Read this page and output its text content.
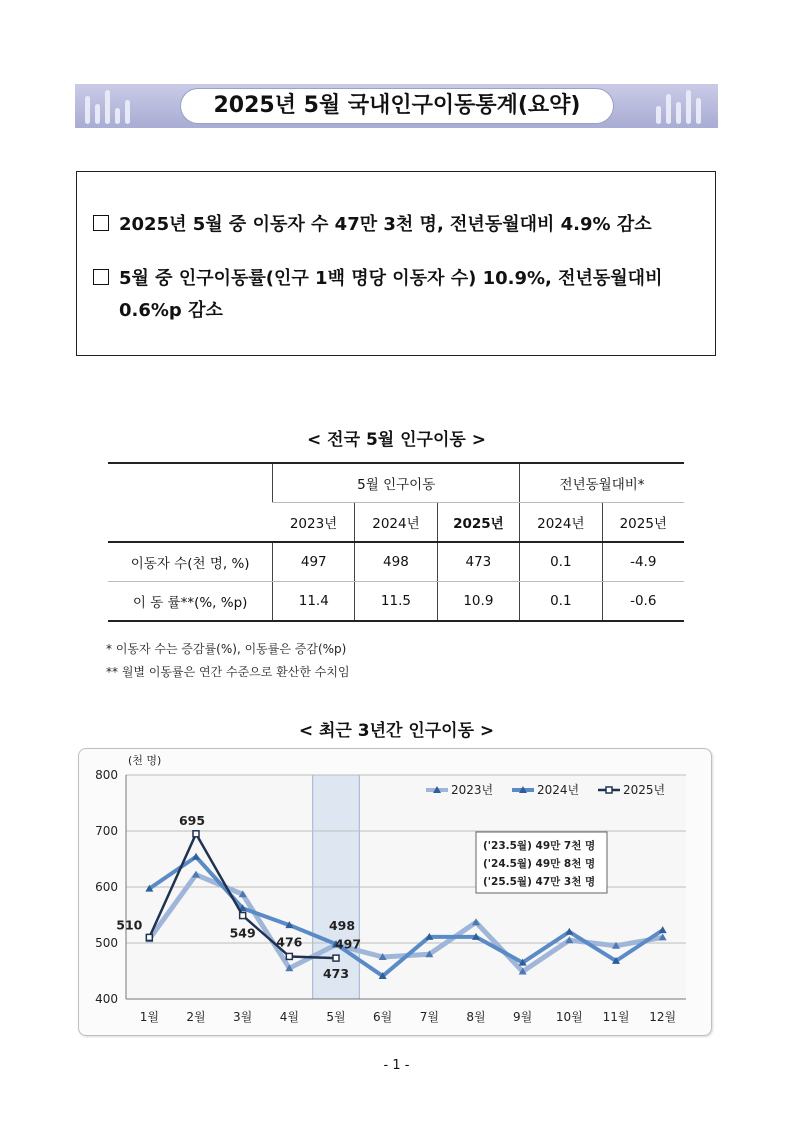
2025년 5월 국내인구이동통계(요약)
2025년 5월 중 이동자 수 47만 3천 명, 전년동월대비 4.9% 감소
5월 중 인구이동률(인구 1백 명당 이동자 수) 10.9%, 전년동월대비
0.6%p 감소
< 전국 5월 인구이동 >
	5월 인구이동			전년동월대비*	
	2023년	2024년	2025년	2024년	2025년
이동자 수(천 명, %)	497	498	473	0.1	-4.9
이 동 률**(%, %p)	11.4	11.5	10.9	0.1	-0.6
* 이동자 수는 증감률(%), 이동률은 증감(%p)
** 월별 이동률은 연간 수준으로 환산한 수치임
< 최근 3년간 인구이동 >
400
500
600
700
800
(천 명)
1월 2월 3월 4월 5월 6월 7월 8월 9월 10월 11월 12월
510
695
549
476
473
498
497
2023년	2024년	2025년
('23.5월) 49만 7천 명
('24.5월) 49만 8천 명
('25.5월) 47만 3천 명
- 1 -
